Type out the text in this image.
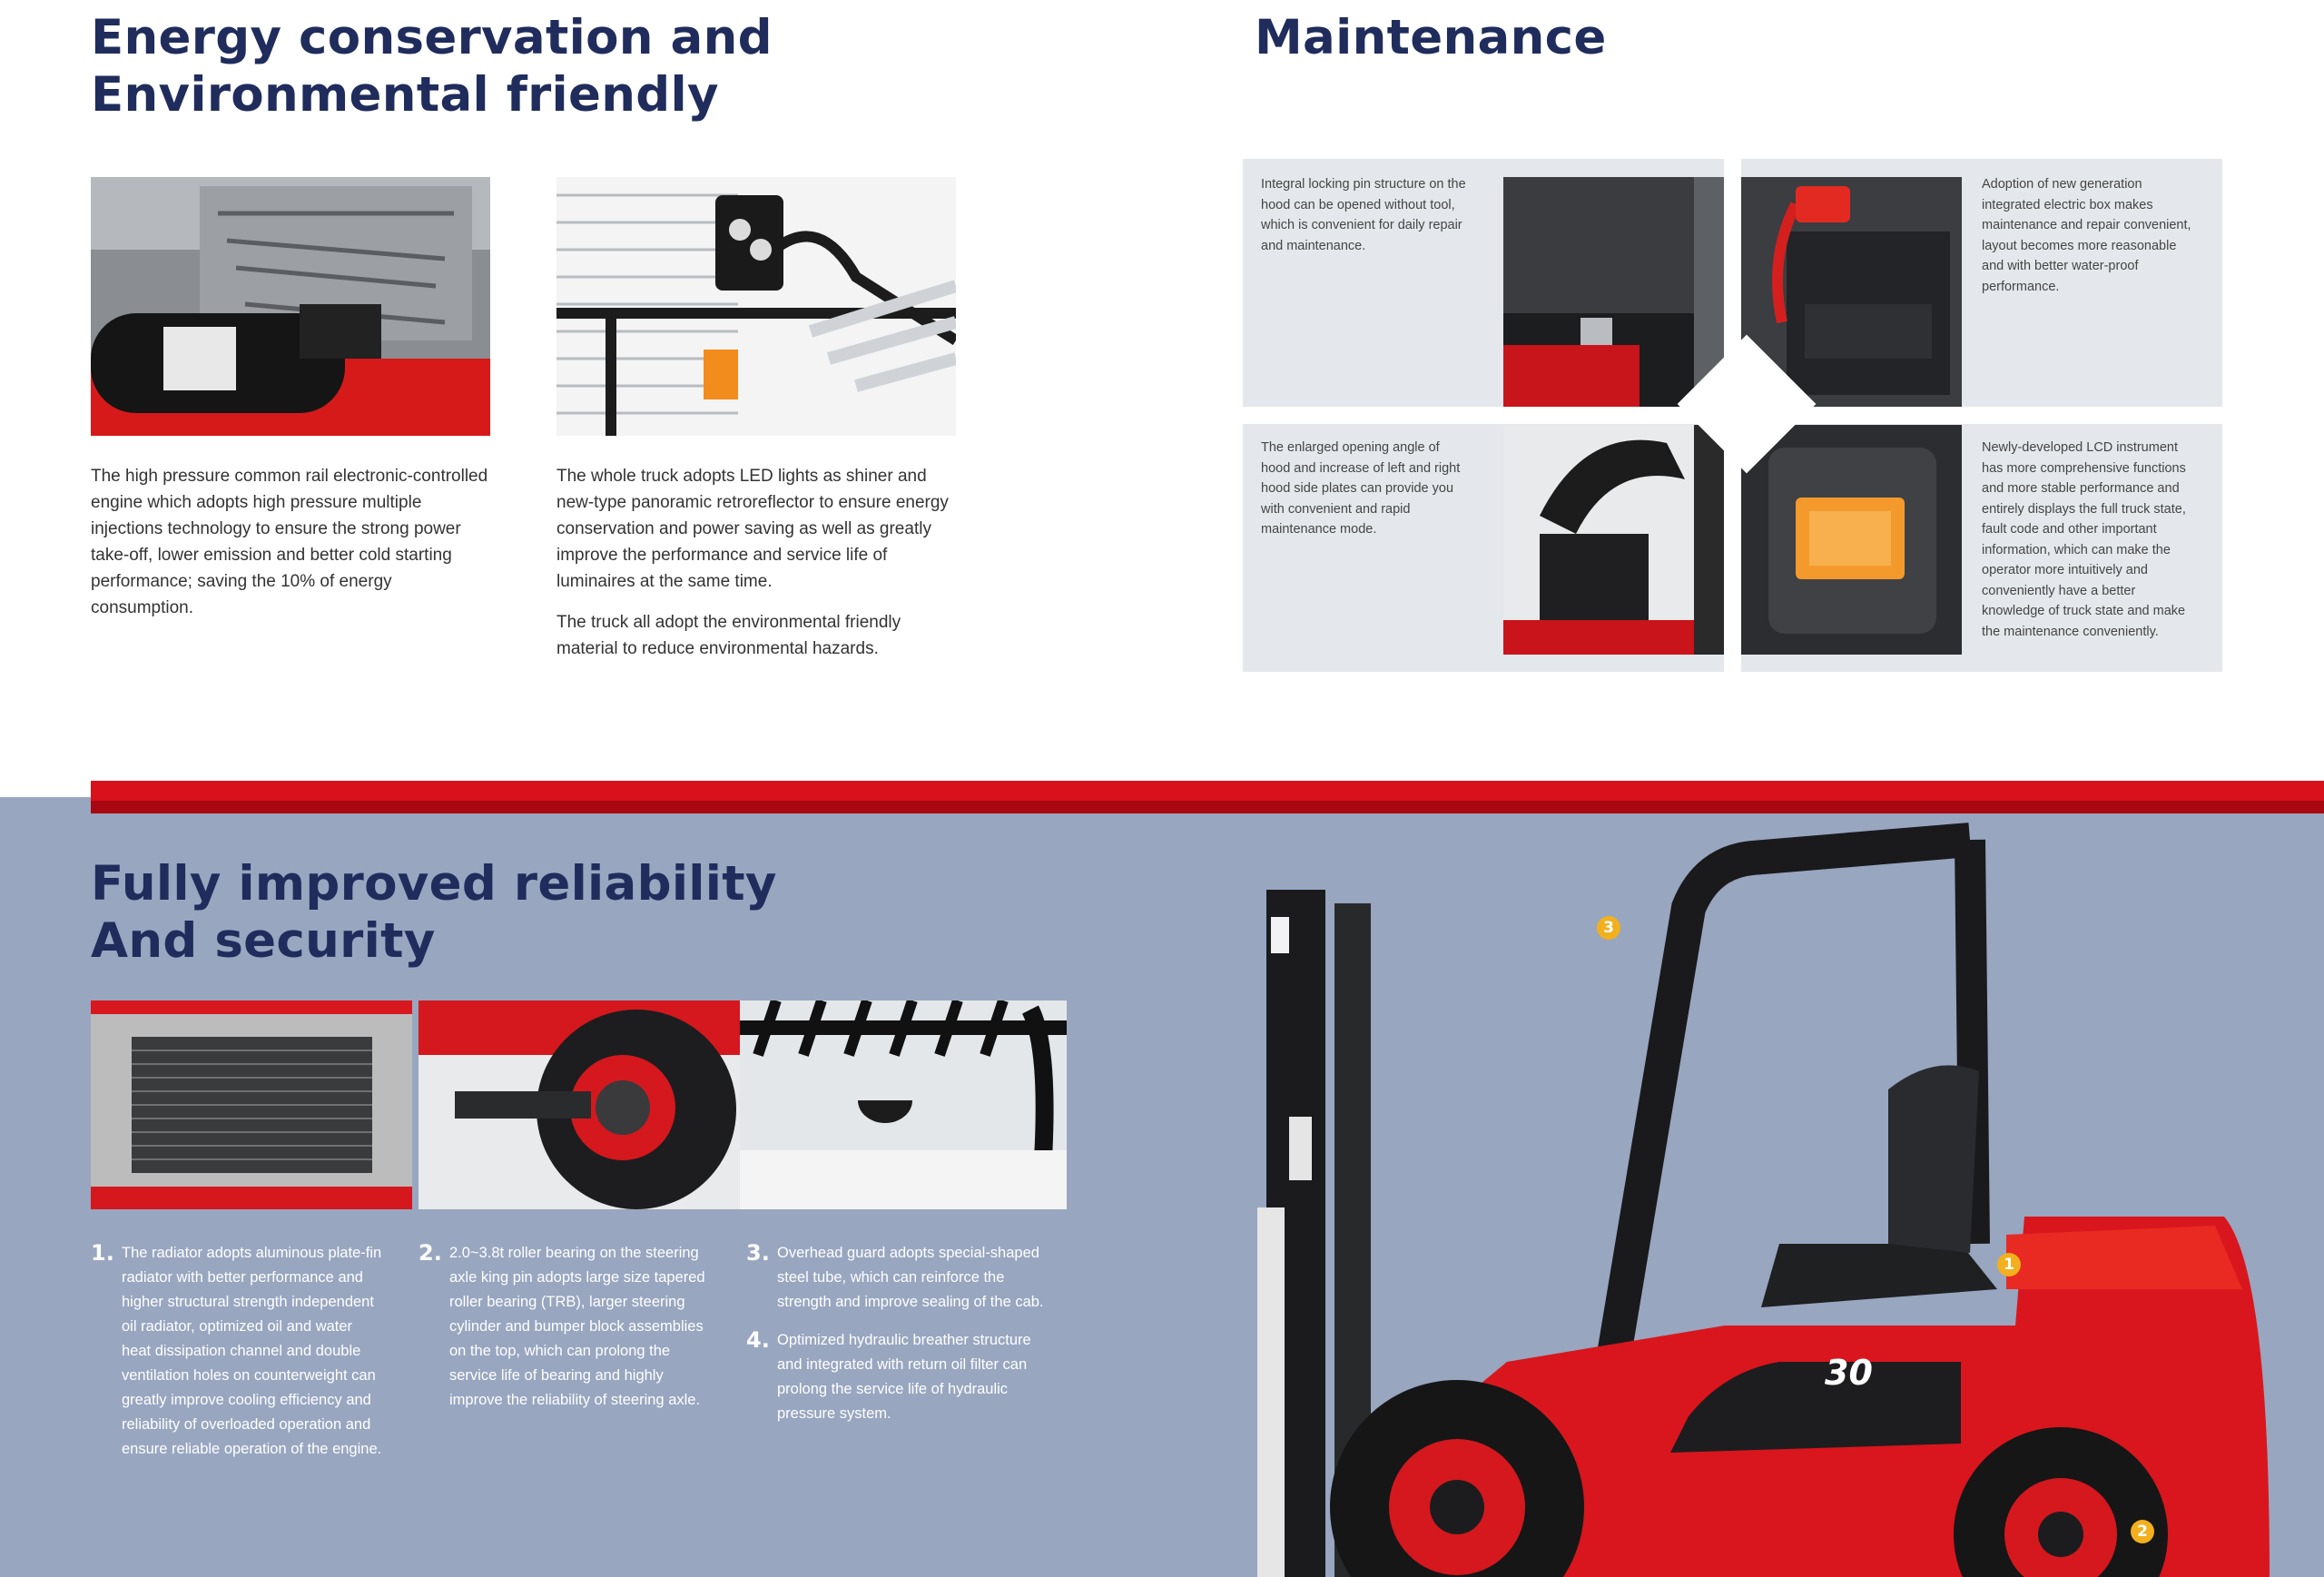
Energy conservation and
Environmental friendly

The high pressure common rail electronic-controlled engine which adopts high pressure multiple injections technology to ensure the strong power take-off, lower emission and better cold starting performance; saving the 10% of energy consumption.

The whole truck adopts LED lights as shiner and new-type panoramic retroreflector to ensure energy conservation and power saving as well as greatly improve the performance and service life of luminaires at the same time.

The truck all adopt the environmental friendly material to reduce environmental hazards.

Maintenance

Integral locking pin structure on the hood can be opened without tool, which is convenient for daily repair and maintenance.

Adoption of new generation integrated electric box makes maintenance and repair convenient, layout becomes more reasonable and with better water-proof performance.

The enlarged opening angle of hood and increase of left and right hood side plates can provide you with convenient and rapid maintenance mode.

Newly-developed LCD instrument has more comprehensive functions and more stable performance and entirely displays the full truck state, fault code and other important information, which can make the operator more intuitively and conveniently have a better knowledge of truck state and make the maintenance conveniently.

Fully improved reliability
And security
1. The radiator adopts aluminous plate-fin radiator with better performance and higher structural strength independent oil radiator, optimized oil and water heat dissipation channel and double ventilation holes on counterweight can greatly improve cooling efficiency and reliability of overloaded operation and ensure reliable operation of the engine.

2. 2.0~3.8t roller bearing on the steering axle king pin adopts large size tapered roller bearing (TRB), larger steering cylinder and bumper block assemblies on the top, which can prolong the service life of bearing and highly improve the reliability of steering axle.

3. Overhead guard adopts special-shaped steel tube, which can reinforce the strength and improve sealing of the cab.

4. Optimized hydraulic breather structure and integrated with return oil filter can prolong the service life of hydraulic pressure system.

30
1
2
3
